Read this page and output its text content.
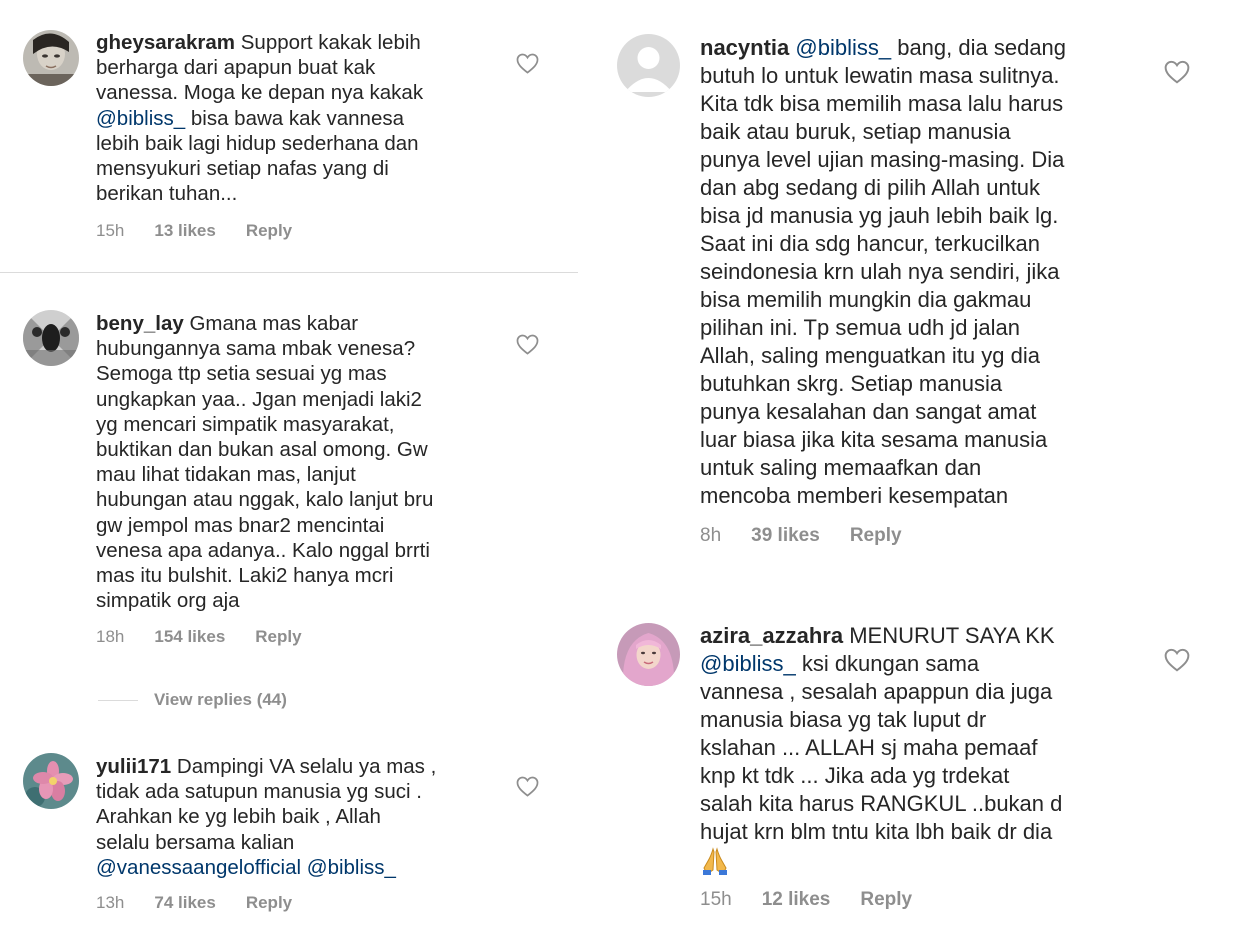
gheysarakram Support kakak lebih
berharga dari apapun buat kak
vanessa. Moga ke depan nya kakak
@bibliss_ bisa bawa kak vannesa
lebih baik lagi hidup sederhana dan
mensyukuri setiap nafas yang di
berikan tuhan...
15h 13 likes Reply
beny_lay Gmana mas kabar
hubungannya sama mbak venesa?
Semoga ttp setia sesuai yg mas
ungkapkan yaa.. Jgan menjadi laki2
yg mencari simpatik masyarakat,
buktikan dan bukan asal omong. Gw
mau lihat tidakan mas, lanjut
hubungan atau nggak, kalo lanjut bru
gw jempol mas bnar2 mencintai
venesa apa adanya.. Kalo nggal brrti
mas itu bulshit. Laki2 hanya mcri
simpatik org aja
18h 154 likes Reply
View replies (44)
yulii171 Dampingi VA selalu ya mas ,
tidak ada satupun manusia yg suci .
Arahkan ke yg lebih baik , Allah
selalu bersama kalian
@vanessaangelofficial @bibliss_
13h 74 likes Reply
nacyntia @bibliss_ bang, dia sedang
butuh lo untuk lewatin masa sulitnya.
Kita tdk bisa memilih masa lalu harus
baik atau buruk, setiap manusia
punya level ujian masing-masing. Dia
dan abg sedang di pilih Allah untuk
bisa jd manusia yg jauh lebih baik lg.
Saat ini dia sdg hancur, terkucilkan
seindonesia krn ulah nya sendiri, jika
bisa memilih mungkin dia gakmau
pilihan ini. Tp semua udh jd jalan
Allah, saling menguatkan itu yg dia
butuhkan skrg. Setiap manusia
punya kesalahan dan sangat amat
luar biasa jika kita sesama manusia
untuk saling memaafkan dan
mencoba memberi kesempatan
8h 39 likes Reply
azira_azzahra MENURUT SAYA KK
@bibliss_ ksi dkungan sama
vannesa , sesalah apappun dia juga
manusia biasa yg tak luput dr
kslahan ... ALLAH sj maha pemaaf
knp kt tdk ... Jika ada yg trdekat
salah kita harus RANGKUL ..bukan d
hujat krn blm tntu kita lbh baik dr dia

15h 12 likes Reply
